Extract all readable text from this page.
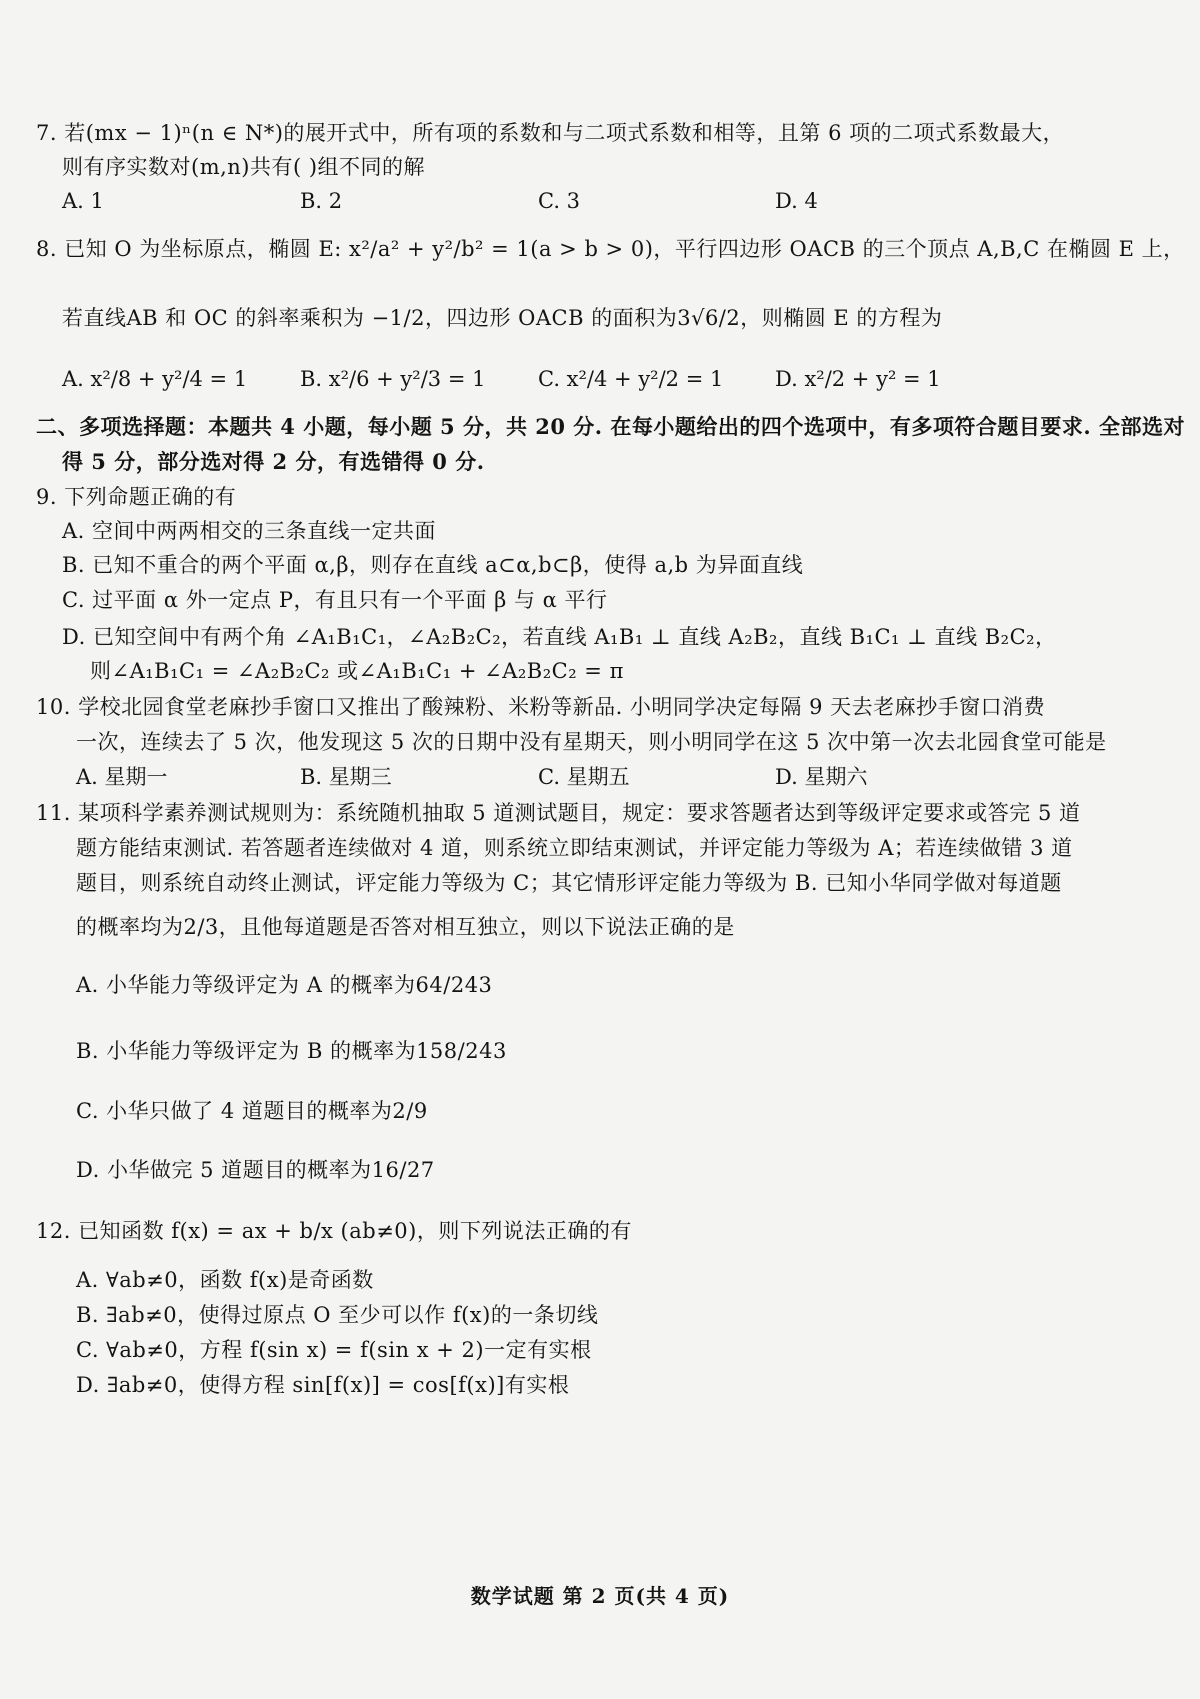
7. 若(mx − 1)ⁿ(n ∈ N*)的展开式中，所有项的系数和与二项式系数和相等，且第 6 项的二项式系数最大，
则有序实数对(m,n)共有( )组不同的解
A. 1	B. 2	C. 3	D. 4
8. 已知 O 为坐标原点，椭圆 E: x²/a² + y²/b² = 1(a > b > 0)，平行四边形 OACB 的三个顶点 A,B,C 在椭圆 E 上，
若直线AB 和 OC 的斜率乘积为 −1/2，四边形 OACB 的面积为3√6/2，则椭圆 E 的方程为
A. x²/8 + y²/4 = 1	B. x²/6 + y²/3 = 1	C. x²/4 + y²/2 = 1 D. x²/2 + y² = 1
二、多项选择题：本题共 4 小题，每小题 5 分，共 20 分. 在每小题给出的四个选项中，有多项符合题目要求. 全部选对
得 5 分，部分选对得 2 分，有选错得 0 分.
9. 下列命题正确的有
A. 空间中两两相交的三条直线一定共面
B. 已知不重合的两个平面 α,β，则存在直线 a⊂α,b⊂β，使得 a,b 为异面直线
C. 过平面 α 外一定点 P，有且只有一个平面 β 与 α 平行
D. 已知空间中有两个角 ∠A₁B₁C₁，∠A₂B₂C₂，若直线 A₁B₁ ⊥ 直线 A₂B₂，直线 B₁C₁ ⊥ 直线 B₂C₂，
则∠A₁B₁C₁ = ∠A₂B₂C₂ 或∠A₁B₁C₁ + ∠A₂B₂C₂ = π
10. 学校北园食堂老麻抄手窗口又推出了酸辣粉、米粉等新品. 小明同学决定每隔 9 天去老麻抄手窗口消费
一次，连续去了 5 次，他发现这 5 次的日期中没有星期天，则小明同学在这 5 次中第一次去北园食堂可能是
A. 星期一	B. 星期三	C. 星期五	D. 星期六
11. 某项科学素养测试规则为：系统随机抽取 5 道测试题目，规定：要求答题者达到等级评定要求或答完 5 道
题方能结束测试. 若答题者连续做对 4 道，则系统立即结束测试，并评定能力等级为 A；若连续做错 3 道
题目，则系统自动终止测试，评定能力等级为 C；其它情形评定能力等级为 B. 已知小华同学做对每道题
的概率均为2/3，且他每道题是否答对相互独立，则以下说法正确的是
A. 小华能力等级评定为 A 的概率为64/243
B. 小华能力等级评定为 B 的概率为158/243
C. 小华只做了 4 道题目的概率为2/9
D. 小华做完 5 道题目的概率为16/27
12. 已知函数 f(x) = ax + b/x (ab≠0)，则下列说法正确的有
A. ∀ab≠0，函数 f(x)是奇函数
B. ∃ab≠0，使得过原点 O 至少可以作 f(x)的一条切线
C. ∀ab≠0，方程 f(sin x) = f(sin x + 2)一定有实根
D. ∃ab≠0，使得方程 sin[f(x)] = cos[f(x)]有实根
数学试题 第 2 页(共 4 页)
